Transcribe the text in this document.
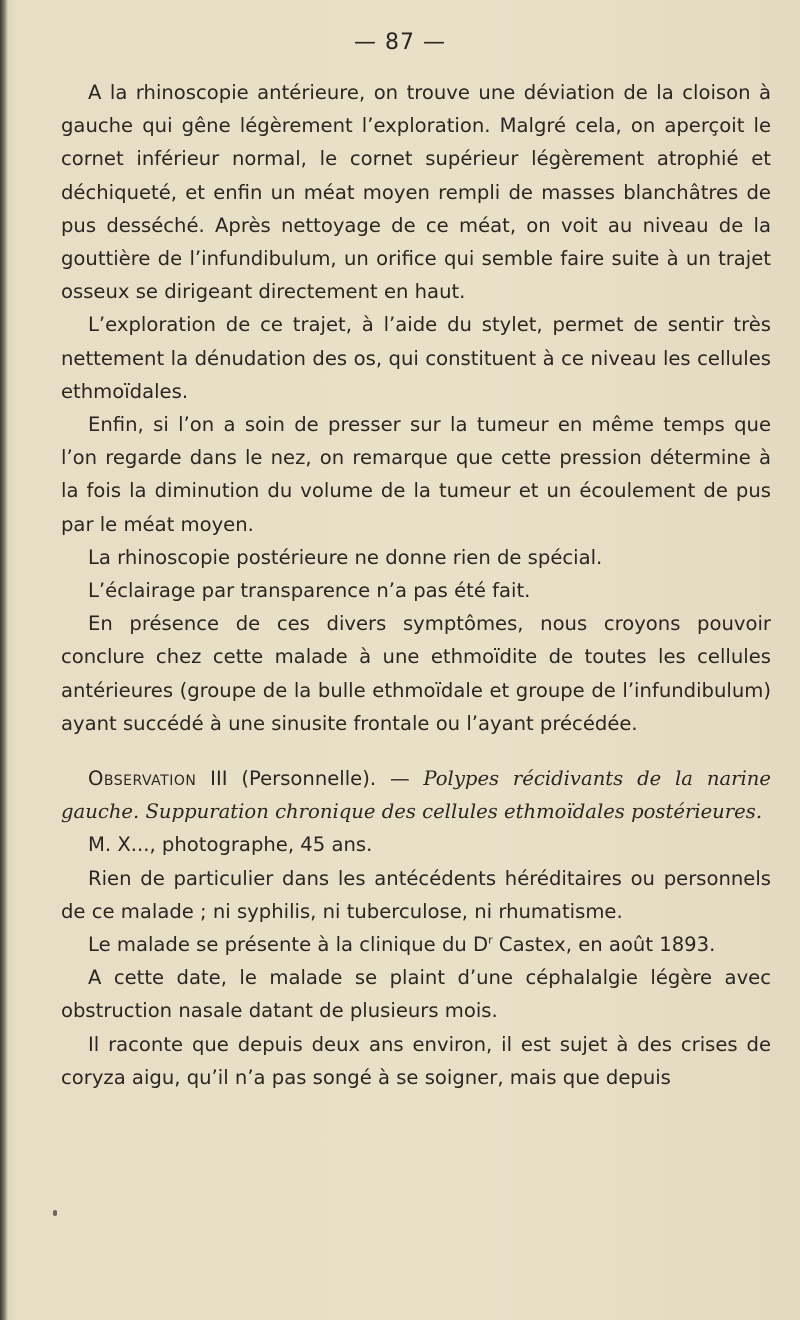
— 87 —

A la rhinoscopie antérieure, on trouve une déviation de la cloison à gauche qui gêne légèrement l’exploration. Malgré cela, on aperçoit le cornet inférieur normal, le cornet supérieur légèrement atrophié et déchiqueté, et enfin un méat moyen rempli de masses blanchâtres de pus desséché. Après nettoyage de ce méat, on voit au niveau de la gouttière de l’infundibulum, un orifice qui semble faire suite à un trajet osseux se dirigeant directement en haut.

L’exploration de ce trajet, à l’aide du stylet, permet de sentir très nettement la dénudation des os, qui constituent à ce niveau les cellules ethmoïdales.

Enfin, si l’on a soin de presser sur la tumeur en même temps que l’on regarde dans le nez, on remarque que cette pression détermine à la fois la diminution du volume de la tumeur et un écoulement de pus par le méat moyen.

La rhinoscopie postérieure ne donne rien de spécial.

L’éclairage par transparence n’a pas été fait.

En présence de ces divers symptômes, nous croyons pouvoir conclure chez cette malade à une ethmoïdite de toutes les cellules antérieures (groupe de la bulle ethmoïdale et groupe de l’infundibulum) ayant succédé à une sinusite frontale ou l’ayant précédée.

Observation III (Personnelle). — Polypes récidivants de la narine gauche. Suppuration chronique des cellules ethmoïdales postérieures.

M. X..., photographe, 45 ans.

Rien de particulier dans les antécédents héréditaires ou personnels de ce malade ; ni syphilis, ni tuberculose, ni rhumatisme.

Le malade se présente à la clinique du $D^r$ Castex, en août 1893.

A cette date, le malade se plaint d’une céphalalgie légère avec obstruction nasale datant de plusieurs mois.

Il raconte que depuis deux ans environ, il est sujet à des crises de coryza aigu, qu’il n’a pas songé à se soigner, mais que depuis
